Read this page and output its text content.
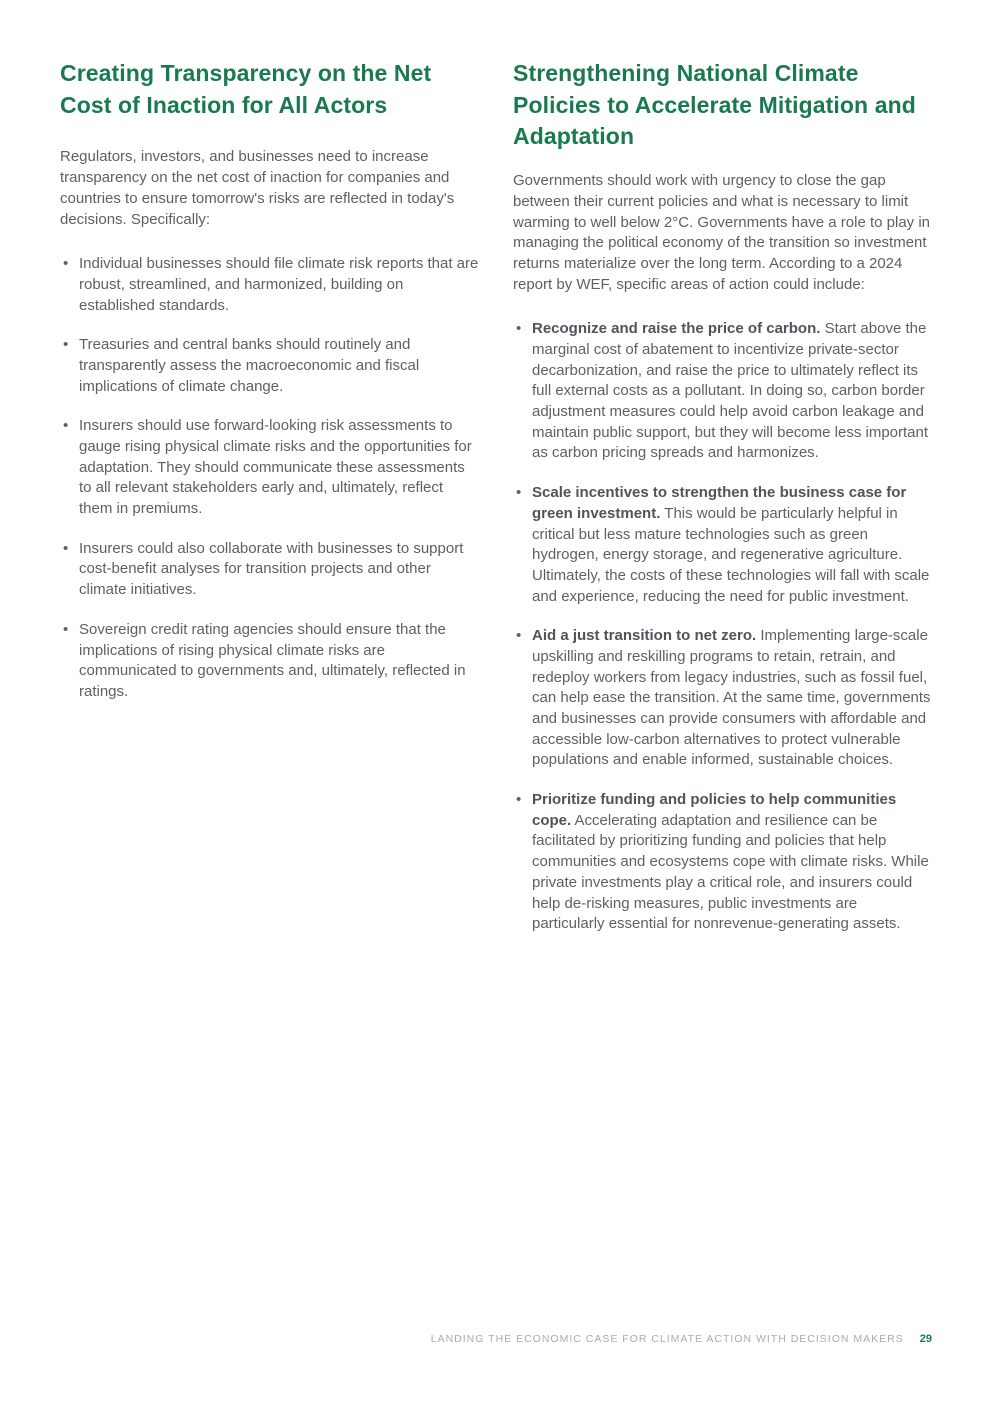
Creating Transparency on the Net Cost of Inaction for All Actors

Regulators, investors, and businesses need to increase transparency on the net cost of inaction for companies and countries to ensure tomorrow's risks are reflected in today's decisions. Specifically:

• Individual businesses should file climate risk reports that are robust, streamlined, and harmonized, building on established standards.
• Treasuries and central banks should routinely and transparently assess the macroeconomic and fiscal implications of climate change.
• Insurers should use forward-looking risk assessments to gauge rising physical climate risks and the opportunities for adaptation. They should communicate these assessments to all relevant stakeholders early and, ultimately, reflect them in premiums.
• Insurers could also collaborate with businesses to support cost-benefit analyses for transition projects and other climate initiatives.
• Sovereign credit rating agencies should ensure that the implications of rising physical climate risks are communicated to governments and, ultimately, reflected in ratings.
Strengthening National Climate Policies to Accelerate Mitigation and Adaptation

Governments should work with urgency to close the gap between their current policies and what is necessary to limit warming to well below 2°C. Governments have a role to play in managing the political economy of the transition so investment returns materialize over the long term. According to a 2024 report by WEF, specific areas of action could include:

• Recognize and raise the price of carbon. Start above the marginal cost of abatement to incentivize private-sector decarbonization, and raise the price to ultimately reflect its full external costs as a pollutant. In doing so, carbon border adjustment measures could help avoid carbon leakage and maintain public support, but they will become less important as carbon pricing spreads and harmonizes.
• Scale incentives to strengthen the business case for green investment. This would be particularly helpful in critical but less mature technologies such as green hydrogen, energy storage, and regenerative agriculture. Ultimately, the costs of these technologies will fall with scale and experience, reducing the need for public investment.
• Aid a just transition to net zero. Implementing large-scale upskilling and reskilling programs to retain, retrain, and redeploy workers from legacy industries, such as fossil fuel, can help ease the transition. At the same time, governments and businesses can provide consumers with affordable and accessible low-carbon alternatives to protect vulnerable populations and enable informed, sustainable choices.
• Prioritize funding and policies to help communities cope. Accelerating adaptation and resilience can be facilitated by prioritizing funding and policies that help communities and ecosystems cope with climate risks. While private investments play a critical role, and insurers could help de-risking measures, public investments are particularly essential for nonrevenue-generating assets.
LANDING THE ECONOMIC CASE FOR CLIMATE ACTION WITH DECISION MAKERS 29
